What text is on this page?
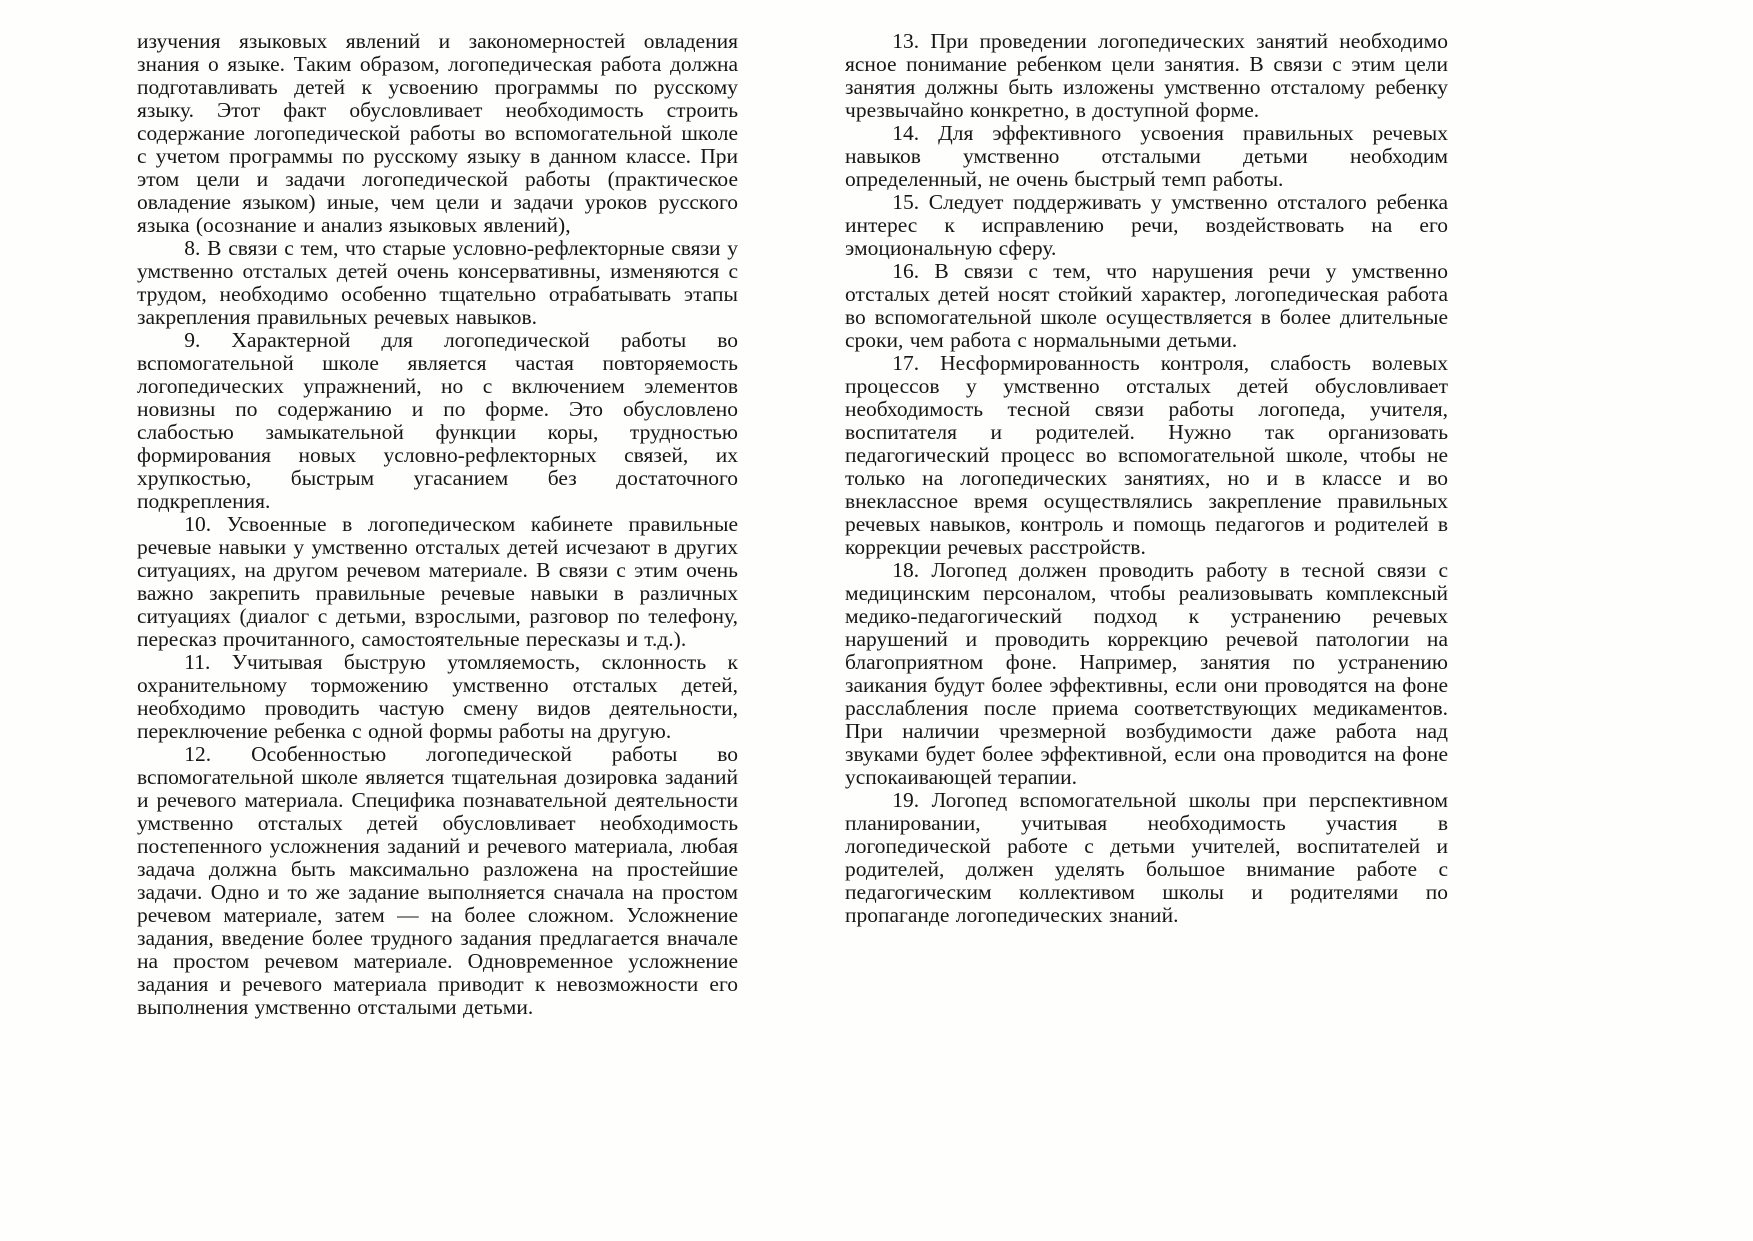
изучения языковых явлений и закономерностей овладения знания о языке. Таким образом, логопедическая работа должна подготавливать детей к усвоению программы по русскому языку. Этот факт обусловливает необходимость строить содержание логопедической работы во вспомогательной школе с учетом программы по русскому языку в данном классе. При этом цели и задачи логопедической работы (практическое овладение языком) иные, чем цели и задачи уроков русского языка (осознание и анализ языковых явлений),

8. В связи с тем, что старые условно-рефлекторные связи у умственно отсталых детей очень консервативны, изменяются с трудом, необходимо особенно тщательно отрабатывать этапы закрепления правильных речевых навыков.

9. Характерной для логопедической работы во вспомогательной школе является частая повторяемость логопедических упражнений, но с включением элементов новизны по содержанию и по форме. Это обусловлено слабостью замыкательной функции коры, трудностью формирования новых условно-рефлекторных связей, их хрупкостью, быстрым угасанием без достаточного подкрепления.

10. Усвоенные в логопедическом кабинете правильные речевые навыки у умственно отсталых детей исчезают в других ситуациях, на другом речевом материале. В связи с этим очень важно закрепить правильные речевые навыки в различных ситуациях (диалог с детьми, взрослыми, разговор по телефону, пересказ прочитанного, самостоятельные пересказы и т.д.).

11. Учитывая быструю утомляемость, склонность к охранительному торможению умственно отсталых детей, необходимо проводить частую смену видов деятельности, переключение ребенка с одной формы работы на другую.

12. Особенностью логопедической работы во вспомогательной школе является тщательная дозировка заданий и речевого материала. Специфика познавательной деятельности умственно отсталых детей обусловливает необходимость постепенного усложнения заданий и речевого материала, любая задача должна быть максимально разложена на простейшие задачи. Одно и то же задание выполняется сначала на простом речевом материале, затем — на более сложном. Усложнение задания, введение более трудного задания предлагается вначале на простом речевом материале. Одновременное усложнение задания и речевого материала приводит к невозможности его выполнения умственно отсталыми детьми.

13. При проведении логопедических занятий необходимо ясное понимание ребенком цели занятия. В связи с этим цели занятия должны быть изложены умственно отсталому ребенку чрезвычайно конкретно, в доступной форме.

14. Для эффективного усвоения правильных речевых навыков умственно отсталыми детьми необходим определенный, не очень быстрый темп работы.

15. Следует поддерживать у умственно отсталого ребенка интерес к исправлению речи, воздействовать на его эмоциональную сферу.

16. В связи с тем, что нарушения речи у умственно отсталых детей носят стойкий характер, логопедическая работа во вспомогательной школе осуществляется в более длительные сроки, чем работа с нормальными детьми.

17. Несформированность контроля, слабость волевых процессов у умственно отсталых детей обусловливает необходимость тесной связи работы логопеда, учителя, воспитателя и родителей. Нужно так организовать педагогический процесс во вспомогательной школе, чтобы не только на логопедических занятиях, но и в классе и во внеклассное время осуществлялись закрепление правильных речевых навыков, контроль и помощь педагогов и родителей в коррекции речевых расстройств.

18. Логопед должен проводить работу в тесной связи с медицинским персоналом, чтобы реализовывать комплексный медико-педагогический подход к устранению речевых нарушений и проводить коррекцию речевой патологии на благоприятном фоне. Например, занятия по устранению заикания будут более эффективны, если они проводятся на фоне расслабления после приема соответствующих медикаментов. При наличии чрезмерной возбудимости даже работа над звуками будет более эффективной, если она проводится на фоне успокаивающей терапии.

19. Логопед вспомогательной школы при перспективном планировании, учитывая необходимость участия в логопедической работе с детьми учителей, воспитателей и родителей, должен уделять большое внимание работе с педагогическим коллективом школы и родителями по пропаганде логопедических знаний.
